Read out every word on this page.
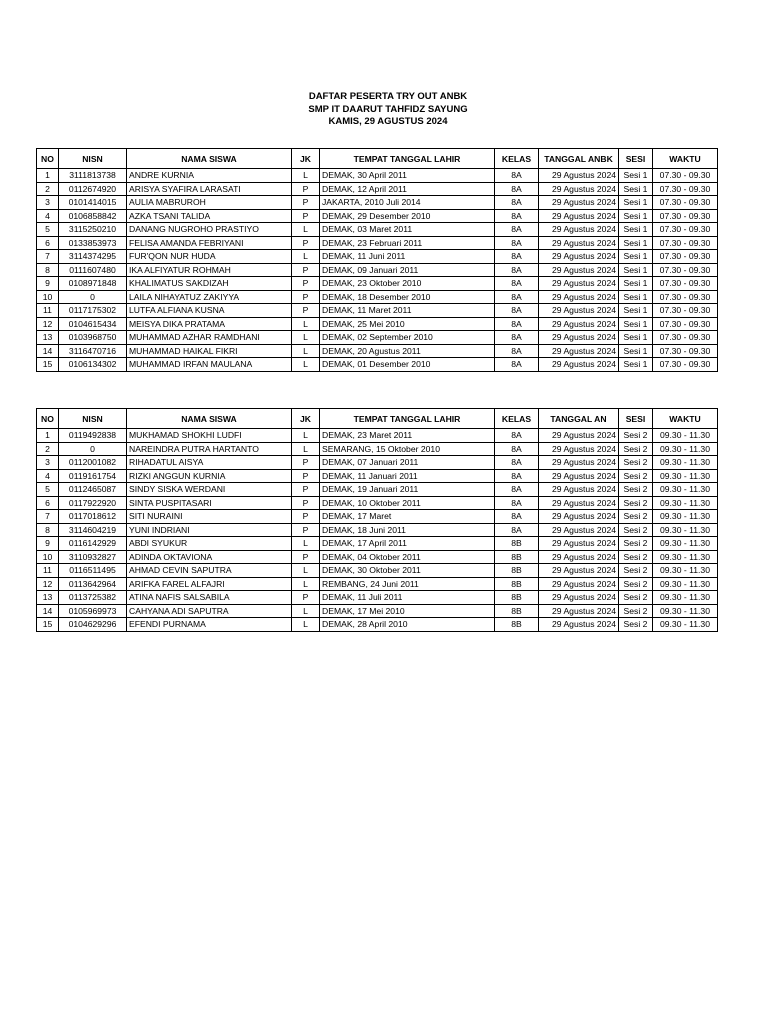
DAFTAR PESERTA TRY OUT ANBK
SMP IT DAARUT TAHFIDZ SAYUNG
KAMIS, 29 AGUSTUS 2024
NO	NISN	NAMA SISWA	JK	TEMPAT TANGGAL LAHIR	KELAS	TANGGAL ANBK	SESI	WAKTU
1	3111813738	ANDRE KURNIA	L	DEMAK, 30 April 2011	8A	29 Agustus 2024	Sesi 1	07.30 - 09.30
2	0112674920	ARISYA SYAFIRA LARASATI	P	DEMAK, 12 April 2011	8A	29 Agustus 2024	Sesi 1	07.30 - 09.30
3	0101414015	AULIA MABRUROH	P	JAKARTA, 2010 Juli 2014	8A	29 Agustus 2024	Sesi 1	07.30 - 09.30
4	0106858842	AZKA TSANI TALIDA	P	DEMAK, 29 Desember 2010	8A	29 Agustus 2024	Sesi 1	07.30 - 09.30
5	3115250210	DANANG NUGROHO PRASTIYO	L	DEMAK, 03 Maret 2011	8A	29 Agustus 2024	Sesi 1	07.30 - 09.30
6	0133853973	FELISA AMANDA FEBRIYANI	P	DEMAK, 23 Februari 2011	8A	29 Agustus 2024	Sesi 1	07.30 - 09.30
7	3114374295	FUR'QON NUR HUDA	L	DEMAK, 11 Juni 2011	8A	29 Agustus 2024	Sesi 1	07.30 - 09.30
8	0111607480	IKA ALFIYATUR ROHMAH	P	DEMAK, 09 Januari 2011	8A	29 Agustus 2024	Sesi 1	07.30 - 09.30
9	0108971848	KHALIMATUS SAKDIZAH	P	DEMAK, 23 Oktober 2010	8A	29 Agustus 2024	Sesi 1	07.30 - 09.30
10	0	LAILA NIHAYATUZ ZAKIYYA	P	DEMAK, 18 Desember 2010	8A	29 Agustus 2024	Sesi 1	07.30 - 09.30
11	0117175302	LUTFA ALFIANA KUSNA	P	DEMAK, 11 Maret 2011	8A	29 Agustus 2024	Sesi 1	07.30 - 09.30
12	0104615434	MEISYA DIKA PRATAMA	L	DEMAK, 25 Mei 2010	8A	29 Agustus 2024	Sesi 1	07.30 - 09.30
13	0103968750	MUHAMMAD AZHAR RAMDHANI	L	DEMAK, 02 September 2010	8A	29 Agustus 2024	Sesi 1	07.30 - 09.30
14	3116470716	MUHAMMAD HAIKAL FIKRI	L	DEMAK, 20 Agustus 2011	8A	29 Agustus 2024	Sesi 1	07.30 - 09.30
15	0106134302	MUHAMMAD IRFAN MAULANA	L	DEMAK, 01 Desember 2010	8A	29 Agustus 2024	Sesi 1	07.30 - 09.30
NO	NISN	NAMA SISWA	JK	TEMPAT TANGGAL LAHIR	KELAS	TANGGAL AN	SESI	WAKTU
1	0119492838	MUKHAMAD SHOKHI LUDFI	L	DEMAK, 23 Maret 2011	8A	29 Agustus 2024	Sesi 2	09.30 - 11.30
2	0	NAREINDRA PUTRA HARTANTO	L	SEMARANG, 15 Oktober 2010	8A	29 Agustus 2024	Sesi 2	09.30 - 11.30
3	0112001082	RIHADATUL AISYA	P	DEMAK, 07 Januari 2011	8A	29 Agustus 2024	Sesi 2	09.30 - 11.30
4	0119161754	RIZKI ANGGUN KURNIA	P	DEMAK, 11 Januari 2011	8A	29 Agustus 2024	Sesi 2	09.30 - 11.30
5	0112465087	SINDY SISKA WERDANI	P	DEMAK, 19 Januari 2011	8A	29 Agustus 2024	Sesi 2	09.30 - 11.30
6	0117922920	SINTA PUSPITASARI	P	DEMAK, 10 Oktober 2011	8A	29 Agustus 2024	Sesi 2	09.30 - 11.30
7	0117018612	SITI NURAINI	P	DEMAK, 17 Maret	8A	29 Agustus 2024	Sesi 2	09.30 - 11.30
8	3114604219	YUNI INDRIANI	P	DEMAK, 18 Juni 2011	8A	29 Agustus 2024	Sesi 2	09.30 - 11.30
9	0116142929	ABDI SYUKUR	L	DEMAK, 17 April 2011	8B	29 Agustus 2024	Sesi 2	09.30 - 11.30
10	3110932827	ADINDA OKTAVIONA	P	DEMAK, 04 Oktober 2011	8B	29 Agustus 2024	Sesi 2	09.30 - 11.30
11	0116511495	AHMAD CEVIN SAPUTRA	L	DEMAK, 30 Oktober 2011	8B	29 Agustus 2024	Sesi 2	09.30 - 11.30
12	0113642964	ARIFKA FAREL ALFAJRI	L	REMBANG, 24 Juni 2011	8B	29 Agustus 2024	Sesi 2	09.30 - 11.30
13	0113725382	ATINA NAFIS SALSABILA	P	DEMAK, 11 Juli 2011	8B	29 Agustus 2024	Sesi 2	09.30 - 11.30
14	0105969973	CAHYANA ADI SAPUTRA	L	DEMAK, 17 Mei 2010	8B	29 Agustus 2024	Sesi 2	09.30 - 11.30
15	0104629296	EFENDI PURNAMA	L	DEMAK, 28 April 2010	8B	29 Agustus 2024	Sesi 2	09.30 - 11.30
